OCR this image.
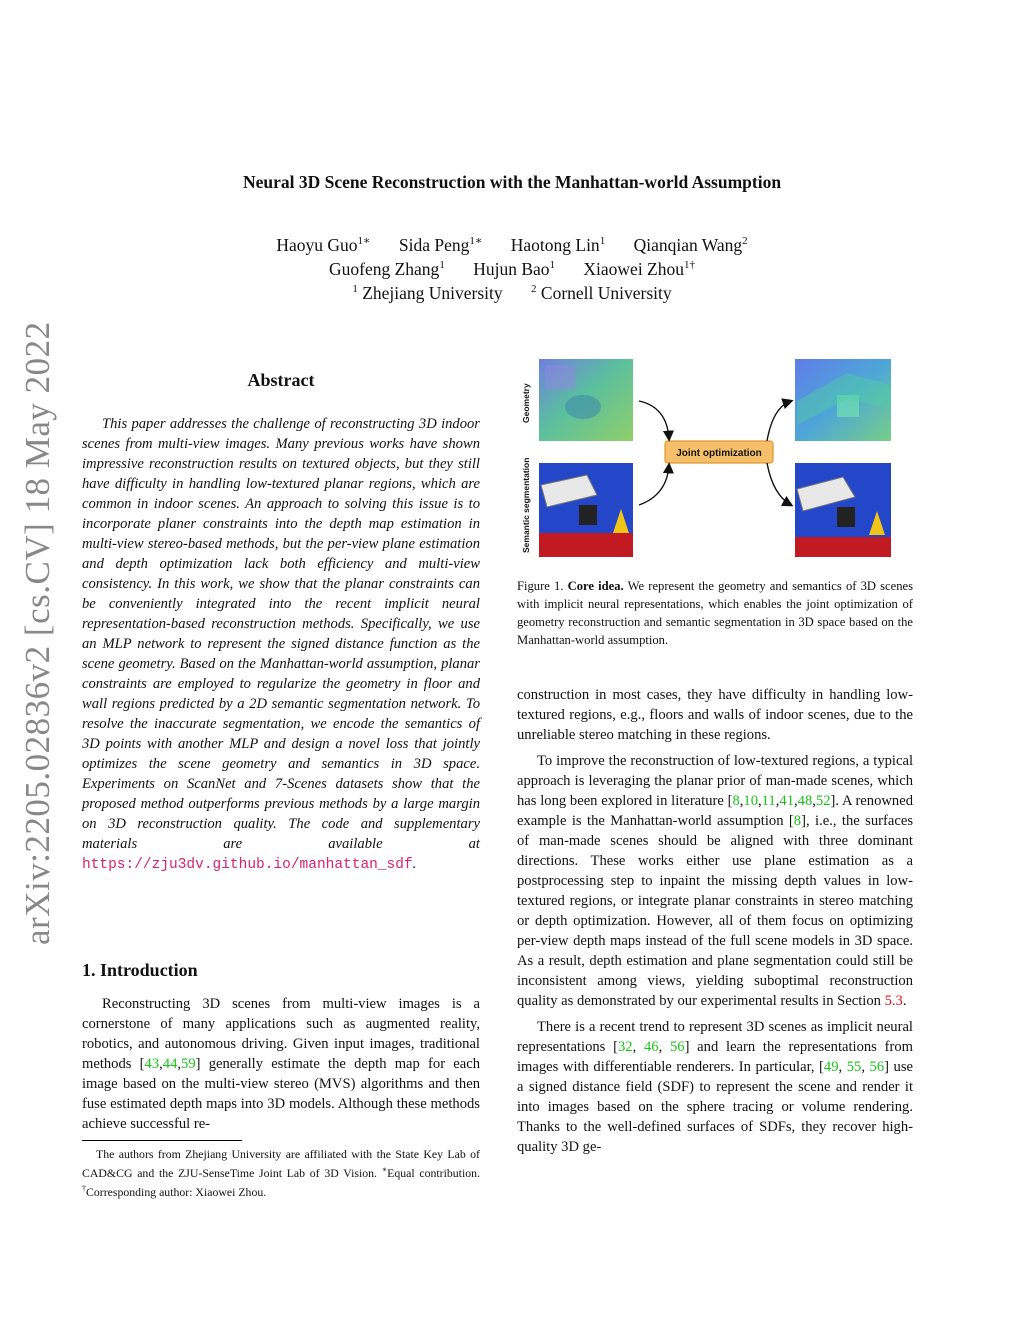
Neural 3D Scene Reconstruction with the Manhattan-world Assumption
Haoyu Guo$^{1∗}$ Sida Peng$^{1∗}$ Haotong Lin$^1$ Qianqian Wang$^2$
Guofeng Zhang$^1$ Hujun Bao$^1$ Xiaowei Zhou$^{1\dagger}$
$^1$ Zhejiang University	$^2$ Cornell University
arXiv:2205.02836v2 [cs.CV] 18 May 2022	Abstract
This paper addresses the challenge of reconstructing 3D indoor scenes from multi-view images. Many previous works have shown impressive reconstruction results on textured objects, but they still have difficulty in handling low-textured planar regions, which are common in indoor scenes. An approach to solving this issue is to incorporate planer constraints into the depth map estimation in multi-view stereo-based methods, but the per-view plane estimation and depth optimization lack both efficiency and multi-view consistency. In this work, we show that the planar constraints can be conveniently integrated into the recent implicit neural representation-based reconstruction methods. Specifically, we use an MLP network to represent the signed distance function as the scene geometry. Based on the Manhattan-world assumption, planar constraints are employed to regularize the geometry in floor and wall regions predicted by a 2D semantic segmentation network. To resolve the inaccurate segmentation, we encode the semantics of 3D points with another MLP and design a novel loss that jointly optimizes the scene geometry and semantics in 3D space. Experiments on ScanNet and 7-Scenes datasets show that the proposed method outperforms previous methods by a large margin on 3D reconstruction quality. The code and supplementary materials are available at https://zju3dv.github.io/manhattan_sdf.
1. Introduction
Reconstructing 3D scenes from multi-view images is a cornerstone of many applications such as augmented reality, robotics, and autonomous driving. Given input images, traditional methods [43,44,59] generally estimate the depth map for each image based on the multi-view stereo (MVS) algorithms and then fuse estimated depth maps into 3D models. Although these methods achieve successful re-
The authors from Zhejiang University are affiliated with the State Key Lab of CAD&CG and the ZJU-SenseTime Joint Lab of 3D Vision. ∗Equal contribution. †Corresponding author: Xiaowei Zhou.
Geometry
Semantic segmentation
Joint optimization
Figure 1. Core idea. We represent the geometry and semantics of 3D scenes with implicit neural representations, which enables the joint optimization of geometry reconstruction and semantic segmentation in 3D space based on the Manhattan-world assumption.

construction in most cases, they have difficulty in handling low-textured regions, e.g., floors and walls of indoor scenes, due to the unreliable stereo matching in these regions.

To improve the reconstruction of low-textured regions, a typical approach is leveraging the planar prior of man-made scenes, which has long been explored in literature [8,10,11,41,48,52]. A renowned example is the Manhattan-world assumption [8], i.e., the surfaces of man-made scenes should be aligned with three dominant directions. These works either use plane estimation as a postprocessing step to inpaint the missing depth values in low-textured regions, or integrate planar constraints in stereo matching or depth optimization. However, all of them focus on optimizing per-view depth maps instead of the full scene models in 3D space. As a result, depth estimation and plane segmentation could still be inconsistent among views, yielding suboptimal reconstruction quality as demonstrated by our experimental results in Section 5.3.

There is a recent trend to represent 3D scenes as implicit neural representations [32, 46, 56] and learn the representations from images with differentiable renderers. In particular, [49, 55, 56] use a signed distance field (SDF) to represent the scene and render it into images based on the sphere tracing or volume rendering. Thanks to the well-defined surfaces of SDFs, they recover high-quality 3D ge-
